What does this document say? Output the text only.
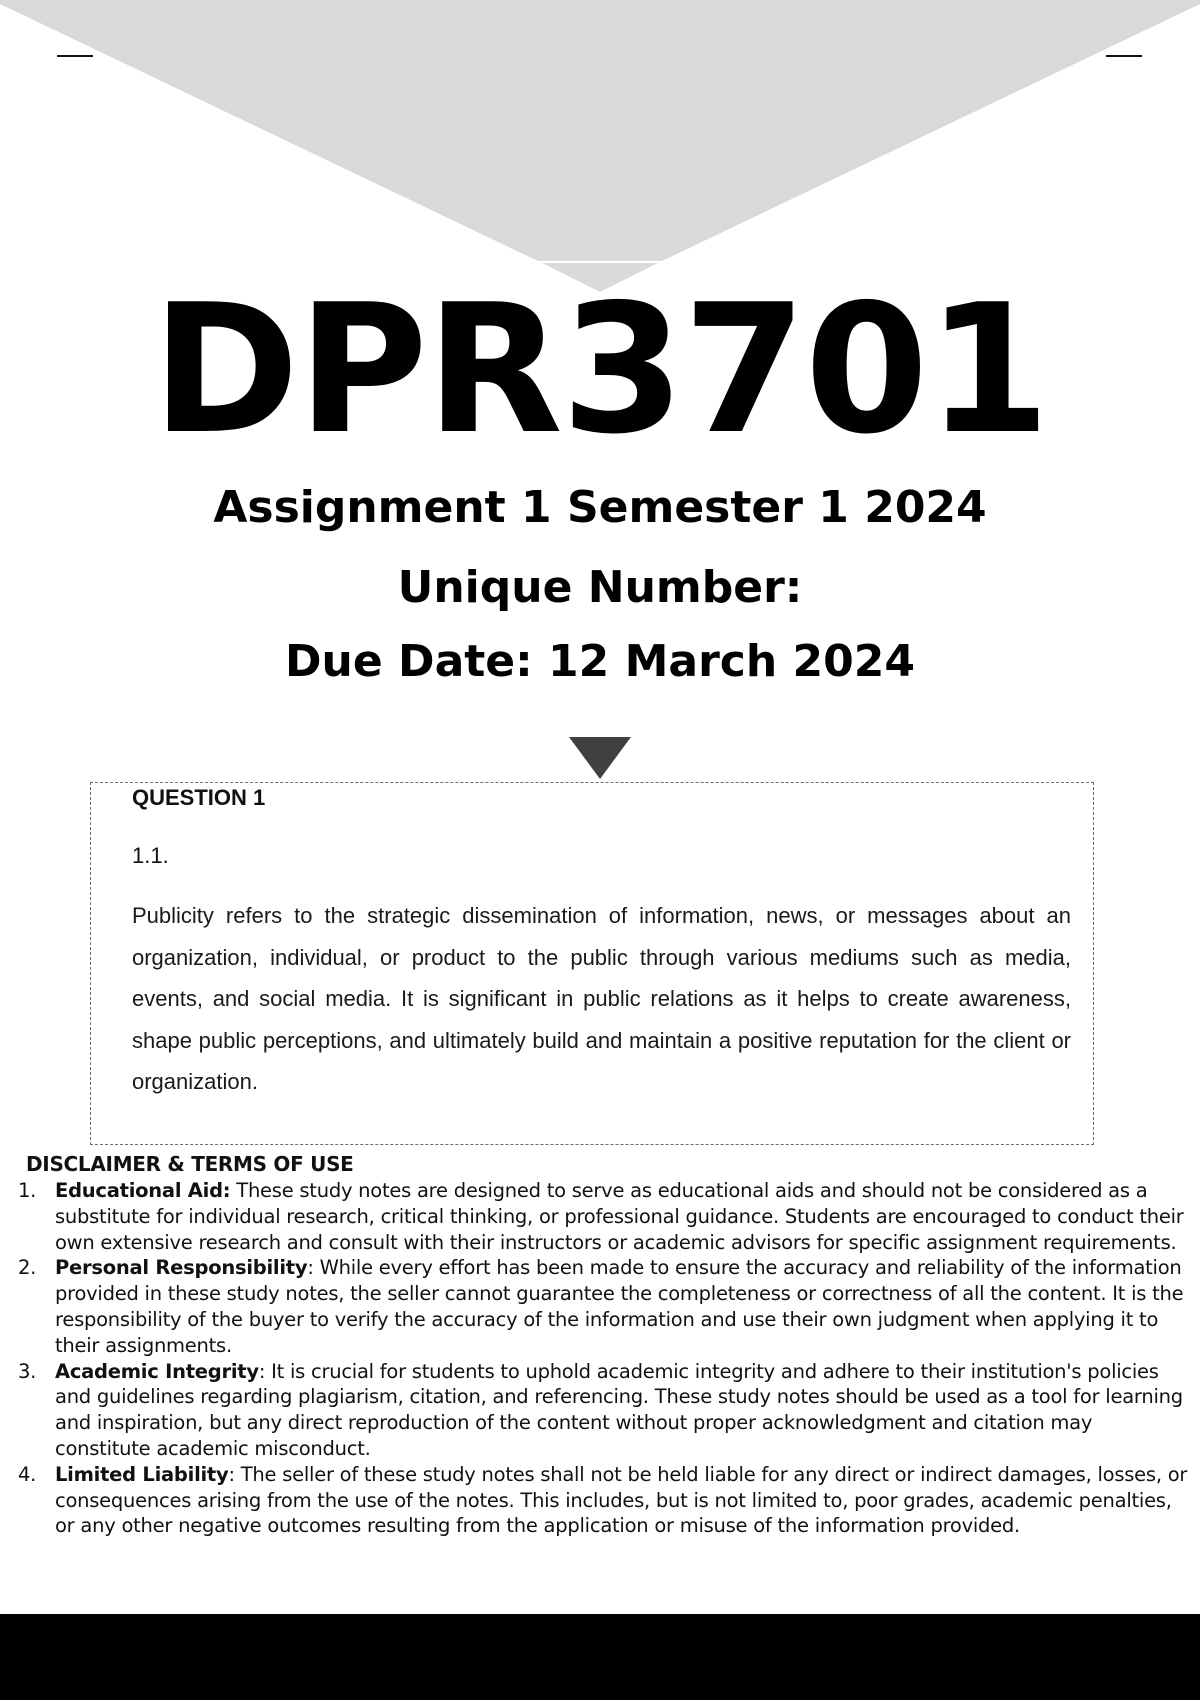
DPR3701
Assignment 1 Semester 1 2024
Unique Number:
Due Date: 12 March 2024
QUESTION 1
1.1.

Publicity refers to the strategic dissemination of information, news, or messages about an organization, individual, or product to the public through various mediums such as media, events, and social media. It is significant in public relations as it helps to create awareness, shape public perceptions, and ultimately build and maintain a positive reputation for the client or organization.

DISCLAIMER & TERMS OF USE
1. Educational Aid: These study notes are designed to serve as educational aids and should not be considered as a substitute for individual research, critical thinking, or professional guidance. Students are encouraged to conduct their own extensive research and consult with their instructors or academic advisors for specific assignment requirements.
2. Personal Responsibility: While every effort has been made to ensure the accuracy and reliability of the information provided in these study notes, the seller cannot guarantee the completeness or correctness of all the content. It is the responsibility of the buyer to verify the accuracy of the information and use their own judgment when applying it to their assignments.
3. Academic Integrity: It is crucial for students to uphold academic integrity and adhere to their institution's policies and guidelines regarding plagiarism, citation, and referencing. These study notes should be used as a tool for learning and inspiration, but any direct reproduction of the content without proper acknowledgment and citation may constitute academic misconduct.
4. Limited Liability: The seller of these study notes shall not be held liable for any direct or indirect damages, losses, or consequences arising from the use of the notes. This includes, but is not limited to, poor grades, academic penalties, or any other negative outcomes resulting from the application or misuse of the information provided.
